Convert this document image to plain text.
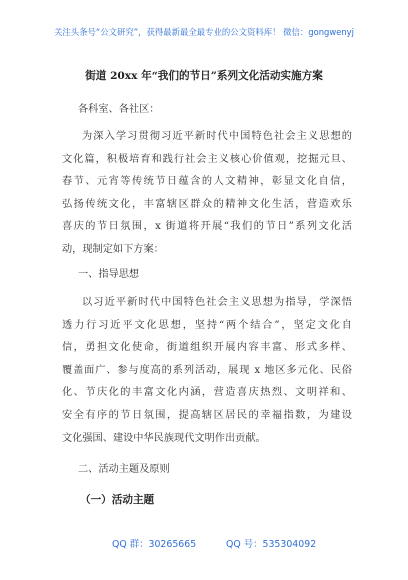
关注头条号“公文研究”，获得最新最全最专业的公文资料库！ 微信：gongwenyj
街道 20xx 年“我们的节日”系列文化活动实施方案
各科室、各社区：
为深入学习贯彻习近平新时代中国特色社会主义思想的
文化篇，积极培育和践行社会主义核心价值观，挖掘元旦、
春节、元宵等传统节日蕴含的人文精神，彰显文化自信，
弘扬传统文化，丰富辖区群众的精神文化生活，营造欢乐
喜庆的节日氛围，x 街道将开展“我们的节日”系列文化活
动，现制定如下方案：
一、指导思想
以习近平新时代中国特色社会主义思想为指导，学深悟
透力行习近平文化思想，坚持“两个结合”，坚定文化自
信，勇担文化使命，街道组织开展内容丰富、形式多样、
覆盖面广、参与度高的系列活动，展现 x 地区多元化、民俗
化、节庆化的丰富文化内涵，营造喜庆热烈、文明祥和、
安全有序的节日氛围，提高辖区居民的幸福指数，为建设
文化强国、建设中华民族现代文明作出贡献。
二、活动主题及原则
（一）活动主题
QQ 群：30265665	QQ 号：535304092
